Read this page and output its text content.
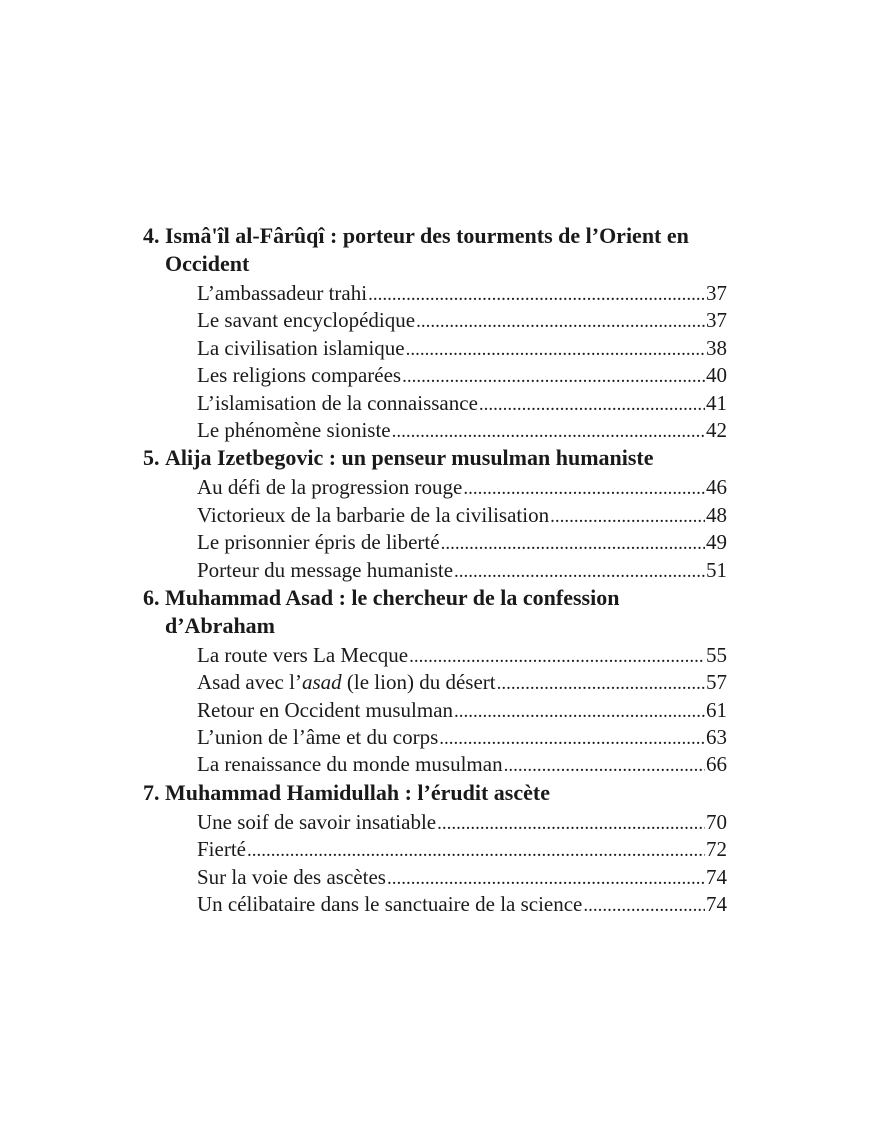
4. Ismâ'îl al-Fârûqî : porteur des tourments de l’Orient en Occident
L’ambassadeur trahi .....	37
Le savant encyclopédique .....	37
La civilisation islamique .....	38
Les religions comparées .....	40
L’islamisation de la connaissance .....	41
Le phénomène sioniste .....	42
5. Alija Izetbegovic : un penseur musulman humaniste
Au défi de la progression rouge .....	46
Victorieux de la barbarie de la civilisation .....	48
Le prisonnier épris de liberté .....	49
Porteur du message humaniste .....	51
6. Muhammad Asad : le chercheur de la confession d’Abraham
La route vers La Mecque .....	55
Asad avec l’asad (le lion) du désert .....	57
Retour en Occident musulman .....	61
L’union de l’âme et du corps .....	63
La renaissance du monde musulman .....	66
7. Muhammad Hamidullah : l’érudit ascète
Une soif de savoir insatiable .....	70
Fierté .....	72
Sur la voie des ascètes .....	74
Un célibataire dans le sanctuaire de la science .....	74
